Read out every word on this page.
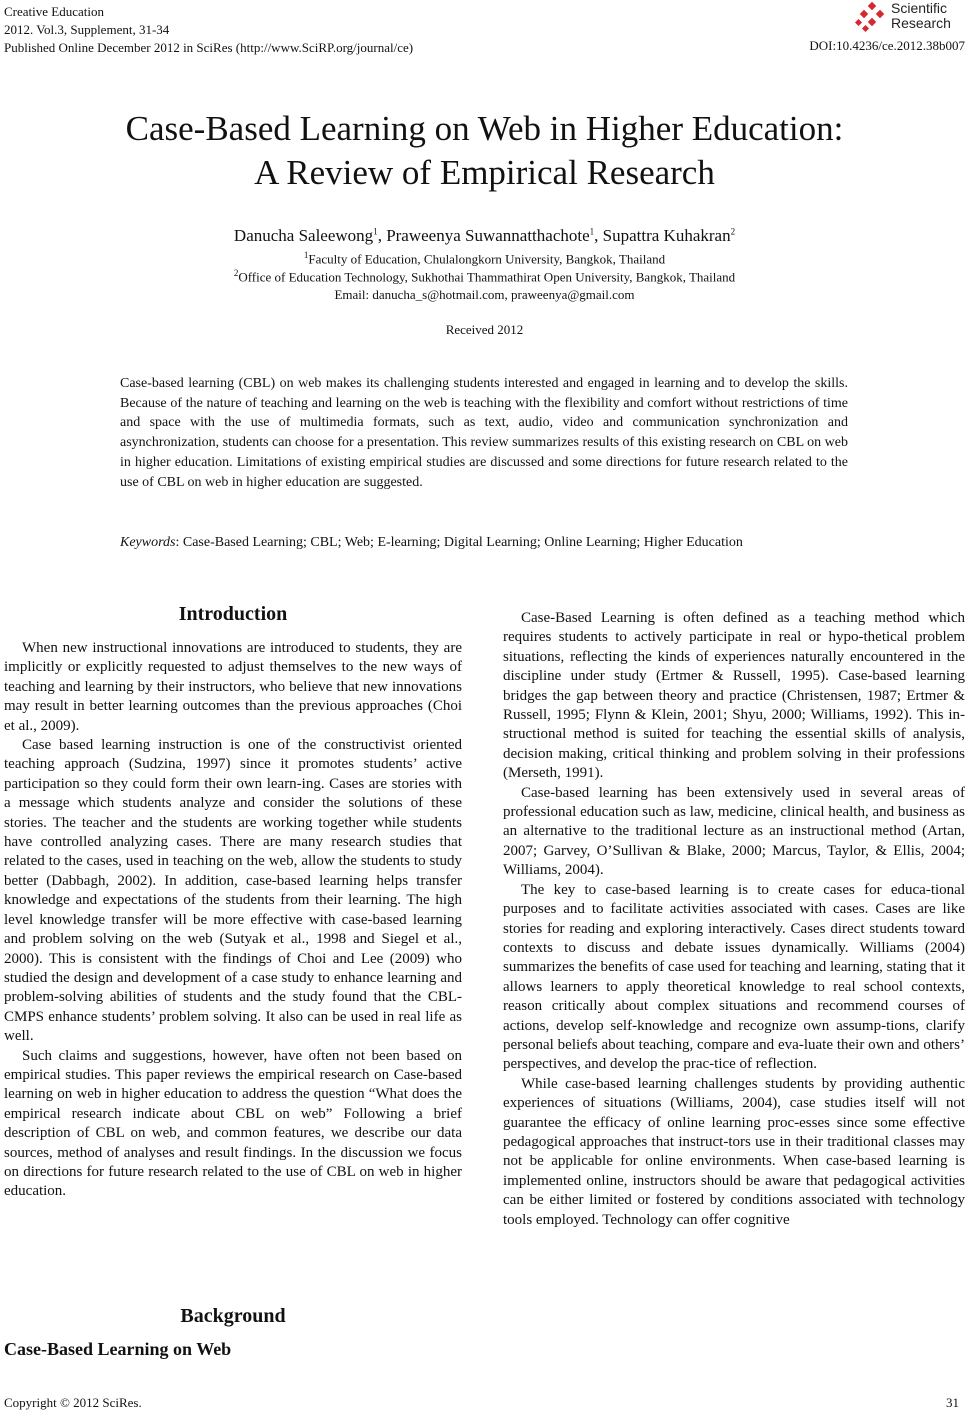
Creative Education
2012. Vol.3, Supplement, 31-34
Published Online December 2012 in SciRes (http://www.SciRP.org/journal/ce)
Scientific
Research
DOI:10.4236/ce.2012.38b007
Case-Based Learning on Web in Higher Education:
A Review of Empirical Research
Danucha Saleewong$^1$, Praweenya Suwannatthachote$^1$, Supattra Kuhakran$^2$
$^1$Faculty of Education, Chulalongkorn University, Bangkok, Thailand
$^2$Office of Education Technology, Sukhothai Thammathirat Open University, Bangkok, Thailand
Email: danucha_s@hotmail.com, praweenya@gmail.com
Received 2012
Case-based learning (CBL) on web makes its challenging students interested and engaged in learning and to develop the skills. Because of the nature of teaching and learning on the web is teaching with the flexibility and comfort without restrictions of time and space with the use of multimedia formats, such as text, audio, video and communication synchronization and asynchronization, students can choose for a presentation. This review summarizes results of this existing research on CBL on web in higher education. Limitations of existing empirical studies are discussed and some directions for future research related to the use of CBL on web in higher education are suggested.
Keywords :
Case-Based Learning; CBL; Web; E-learning; Digital Learning; Online Learning; Higher Education
Introduction

When new instructional innovations are introduced to students, they are implicitly or explicitly requested to adjust themselves to the new ways of teaching and learning by their instructors, who believe that new innovations may result in better learning outcomes than the previous approaches (Choi et al., 2009).

Case based learning instruction is one of the constructivist oriented teaching approach (Sudzina, 1997) since it promotes students’ active participation so they could form their own learn-ing. Cases are stories with a message which students analyze and consider the solutions of these stories. The teacher and the students are working together while students have controlled analyzing cases. There are many research studies that related to the cases, used in teaching on the web, allow the students to study better (Dabbagh, 2002). In addition, case-based learning helps transfer knowledge and expectations of the students from their learning. The high level knowledge transfer will be more effective with case-based learning and problem solving on the web (Sutyak et al., 1998 and Siegel et al., 2000). This is consistent with the findings of Choi and Lee (2009) who studied the design and development of a case study to enhance learning and problem-solving abilities of students and the study found that the CBL-CMPS enhance students’ problem solving. It also can be used in real life as well.

Such claims and suggestions, however, have often not been based on empirical studies. This paper reviews the empirical research on Case-based learning on web in higher education to address the question “What does the empirical research indicate about CBL on web” Following a brief description of CBL on web, and common features, we describe our data sources, method of analyses and result findings. In the discussion we focus on directions for future research related to the use of CBL on web in higher education.

Background
Case-Based Learning on Web

Case-Based Learning is often defined as a teaching method which requires students to actively participate in real or hypo-thetical problem situations, reflecting the kinds of experiences naturally encountered in the discipline under study (Ertmer & Russell, 1995). Case-based learning bridges the gap between theory and practice (Christensen, 1987; Ertmer & Russell, 1995; Flynn & Klein, 2001; Shyu, 2000; Williams, 1992). This in-structional method is suited for teaching the essential skills of analysis, decision making, critical thinking and problem solving in their professions (Merseth, 1991).

Case-based learning has been extensively used in several areas of professional education such as law, medicine, clinical health, and business as an alternative to the traditional lecture as an instructional method (Artan, 2007; Garvey, O’Sullivan & Blake, 2000; Marcus, Taylor, & Ellis, 2004; Williams, 2004).

The key to case-based learning is to create cases for educa-tional purposes and to facilitate activities associated with cases. Cases are like stories for reading and exploring interactively. Cases direct students toward contexts to discuss and debate issues dynamically. Williams (2004) summarizes the benefits of case used for teaching and learning, stating that it allows learners to apply theoretical knowledge to real school contexts, reason critically about complex situations and recommend courses of actions, develop self-knowledge and recognize own assump-tions, clarify personal beliefs about teaching, compare and eva-luate their own and others’ perspectives, and develop the prac-tice of reflection.

While case-based learning challenges students by providing authentic experiences of situations (Williams, 2004), case studies itself will not guarantee the efficacy of online learning proc-esses since some effective pedagogical approaches that instruct-tors use in their traditional classes may not be applicable for online environments. When case-based learning is implemented online, instructors should be aware that pedagogical activities can be either limited or fostered by conditions associated with technology tools employed. Technology can offer cognitive

Copyright © 2012 SciRes.	31
